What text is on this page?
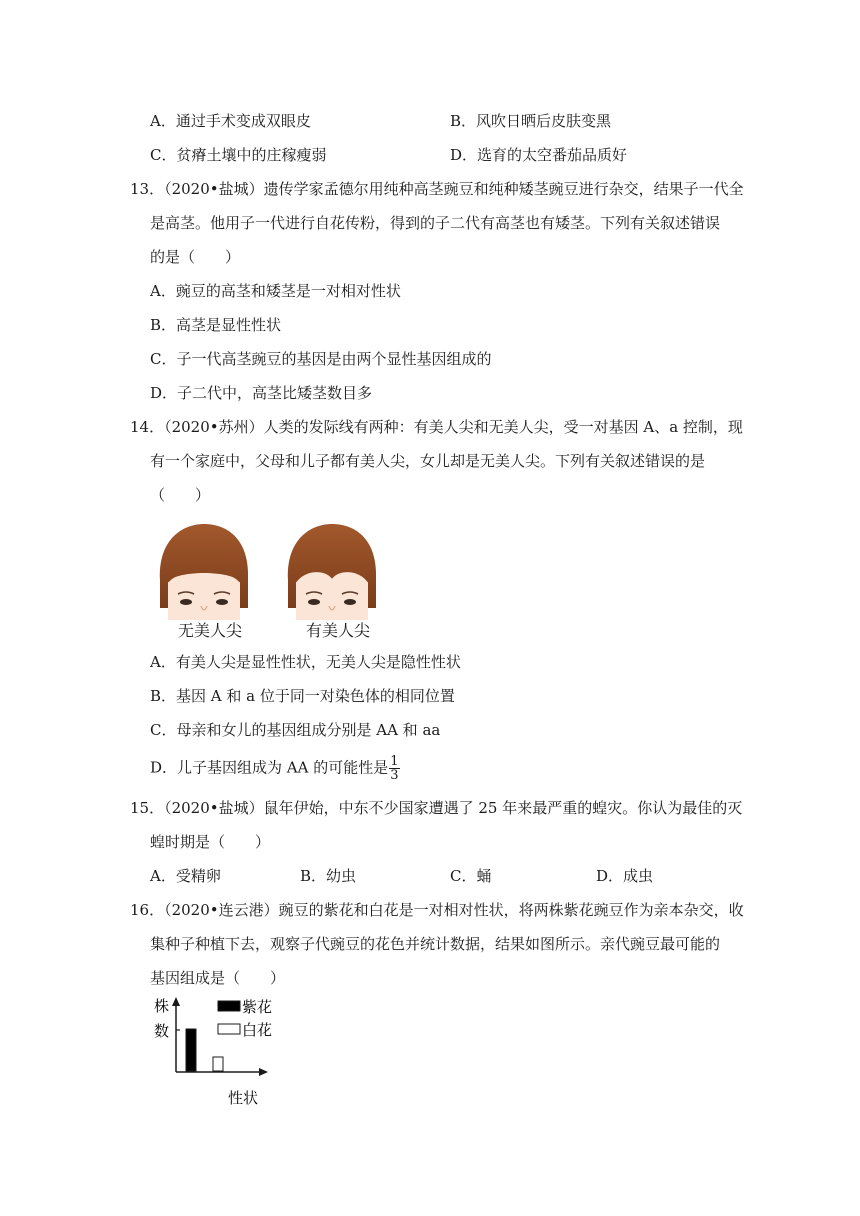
A．通过手术变成双眼皮	B．风吹日晒后皮肤变黑
C．贫瘠土壤中的庄稼瘦弱	D．选育的太空番茄品质好
13．（2020•盐城）遗传学家孟德尔用纯种高茎豌豆和纯种矮茎豌豆进行杂交，结果子一代全
是高茎。他用子一代进行自花传粉，得到的子二代有高茎也有矮茎。下列有关叙述错误
的是（　　）
A．豌豆的高茎和矮茎是一对相对性状
B．高茎是显性性状
C．子一代高茎豌豆的基因是由两个显性基因组成的
D．子二代中，高茎比矮茎数目多
14．（2020•苏州）人类的发际线有两种：有美人尖和无美人尖，受一对基因 A、a 控制，现
有一个家庭中，父母和儿子都有美人尖，女儿却是无美人尖。下列有关叙述错误的是
（　　）
无美人尖	有美人尖
A．有美人尖是显性性状，无美人尖是隐性性状
B．基因 A 和 a 位于同一对染色体的相同位置
C．母亲和女儿的基因组成分别是 AA 和 aa
D．儿子基因组成为 AA 的可能性是 $\frac{1}{3}$
15．（2020•盐城）鼠年伊始，中东不少国家遭遇了 25 年来最严重的蝗灾。你认为最佳的灭
蝗时期是（　　）
A．受精卵	B．幼虫	C．蛹	D．成虫
16．（2020•连云港）豌豆的紫花和白花是一对相对性状，将两株紫花豌豆作为亲本杂交，收
集种子种植下去，观察子代豌豆的花色并统计数据，结果如图所示。亲代豌豆最可能的
基因组成是（　　）
株
数
性状
紫花
白花
